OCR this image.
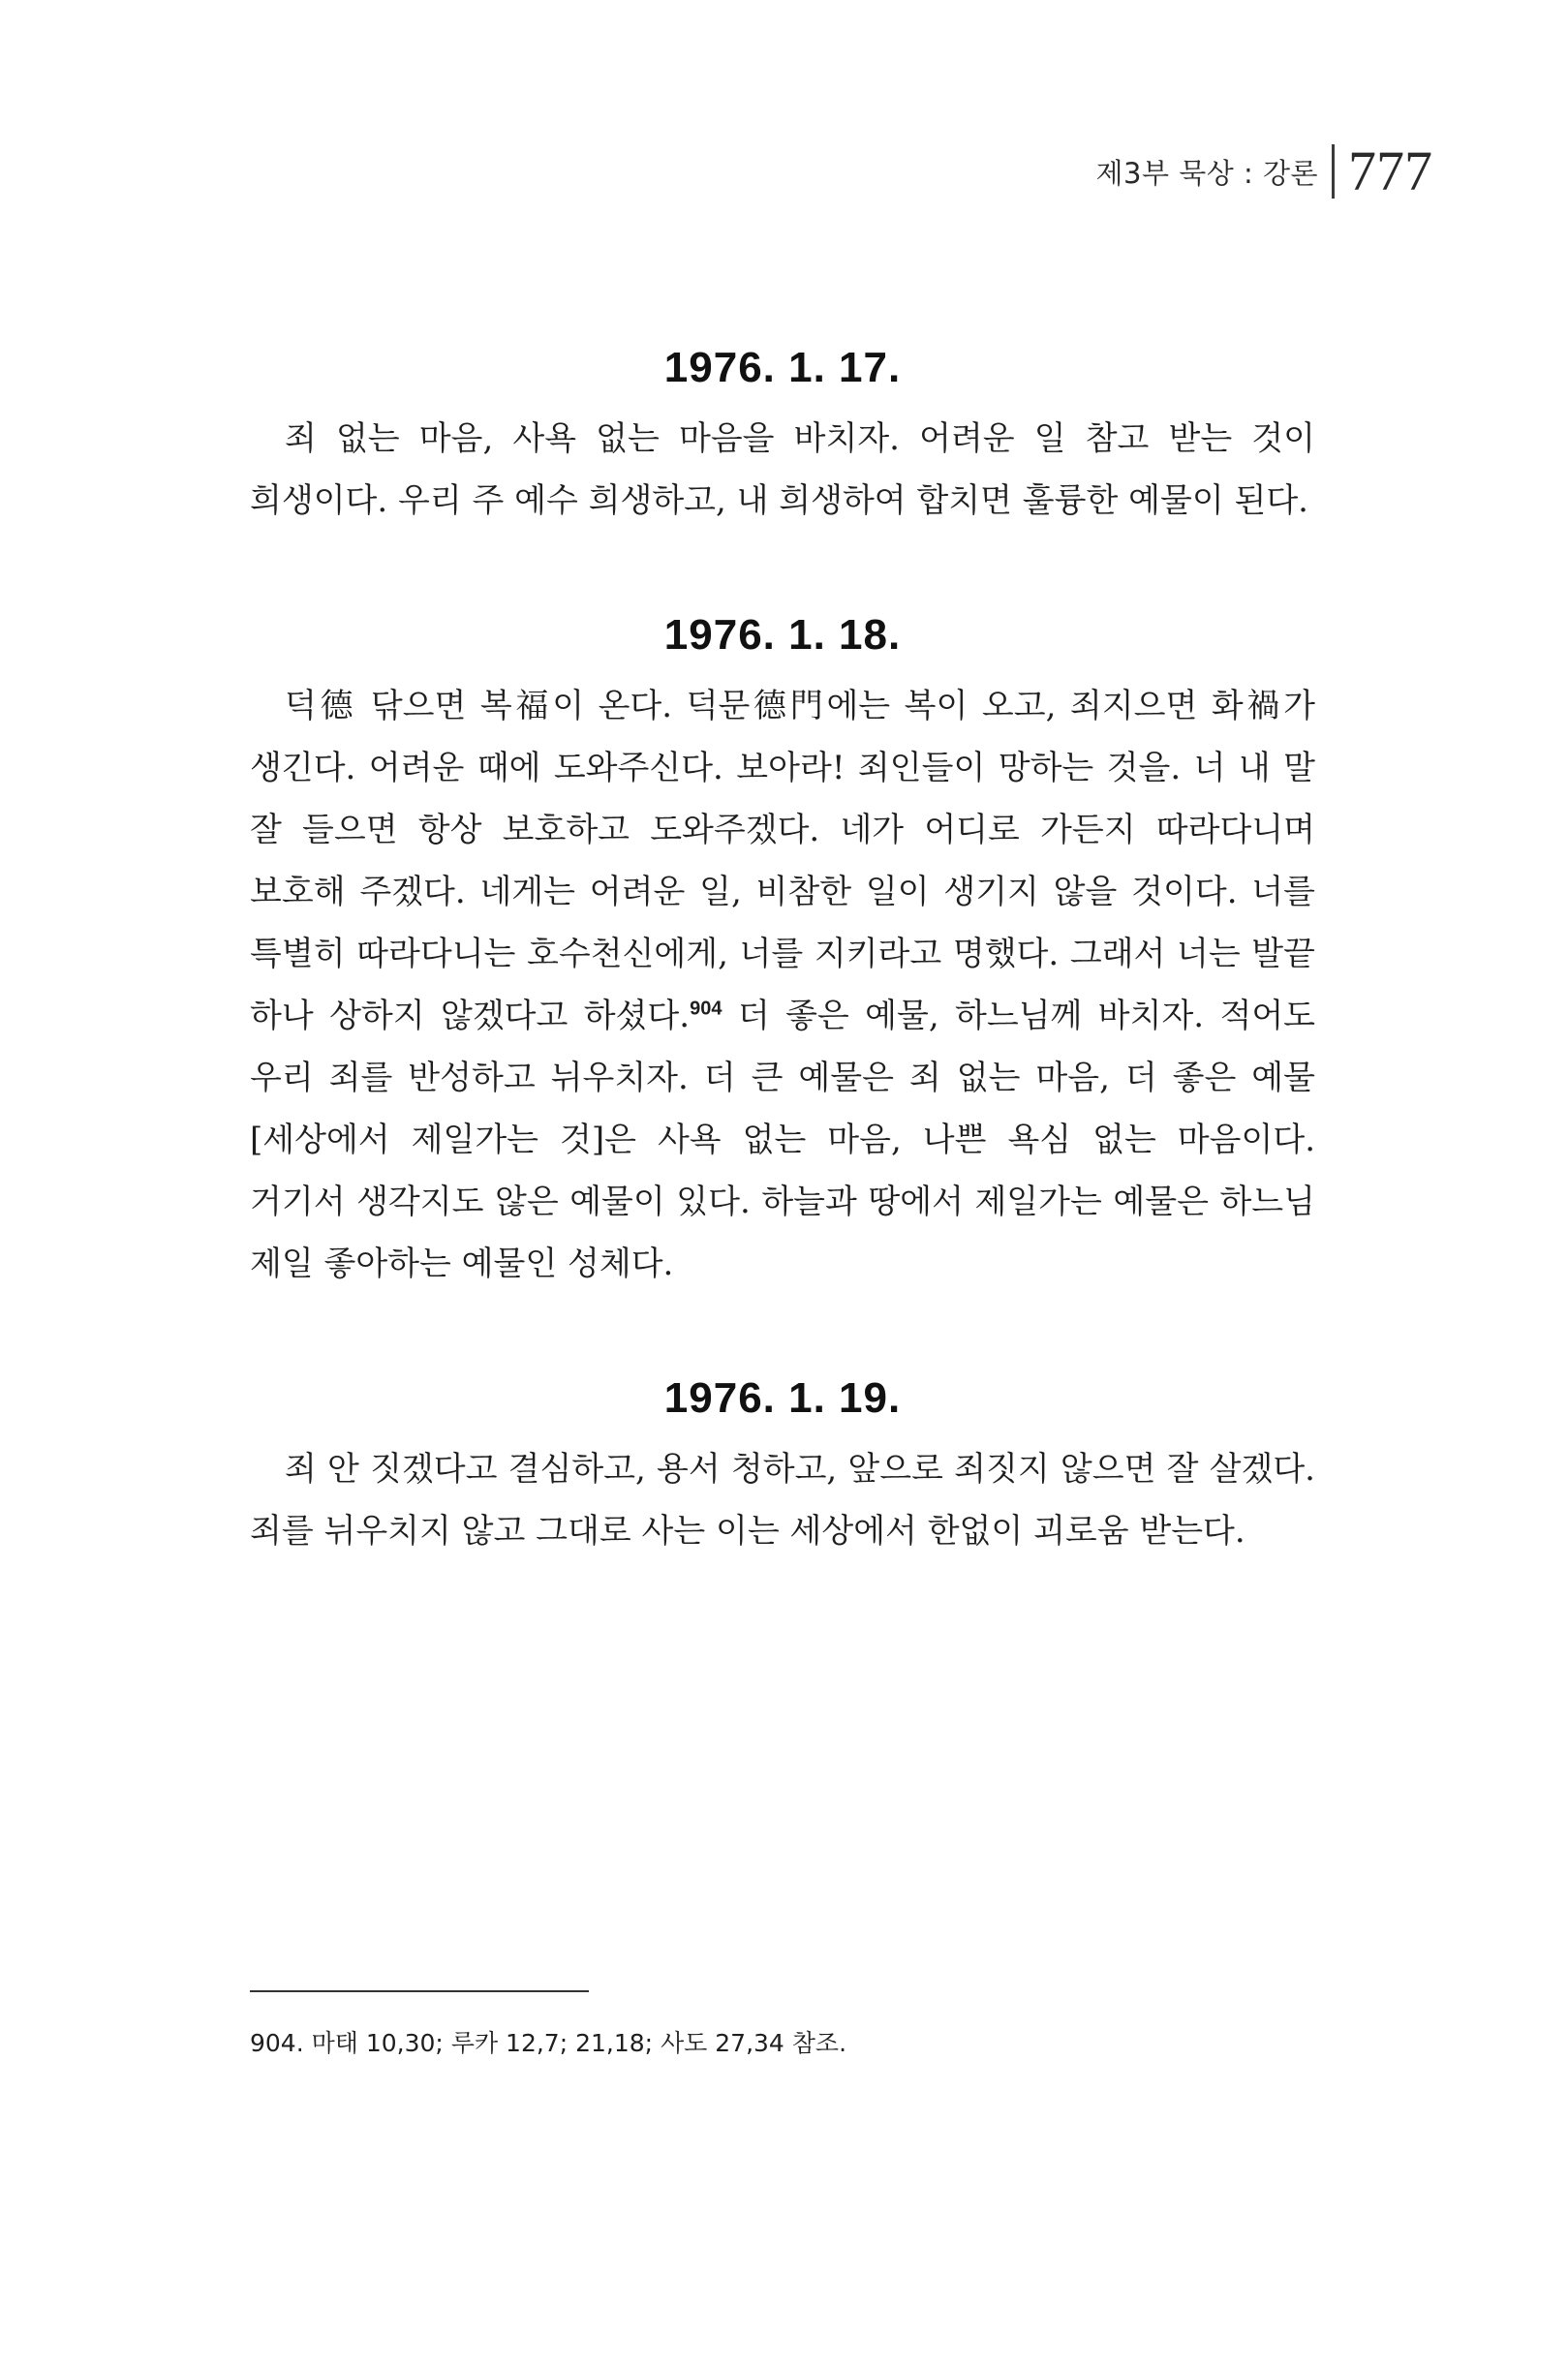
제3부 묵상 : 강론 777
1976. 1. 17.

죄 없는 마음, 사욕 없는 마음을 바치자. 어려운 일 참고 받는 것이 희생이다. 우리 주 예수 희생하고, 내 희생하여 합치면 훌륭한 예물이 된다.

1976. 1. 18.

덕德 닦으면 복福이 온다. 덕문德門에는 복이 오고, 죄지으면 화禍가 생긴다. 어려운 때에 도와주신다. 보아라! 죄인들이 망하는 것을. 너 내 말 잘 들으면 항상 보호하고 도와주겠다. 네가 어디로 가든지 따라다니며 보호해 주겠다. 네게는 어려운 일, 비참한 일이 생기지 않을 것이다. 너를 특별히 따라다니는 호수천신에게, 너를 지키라고 명했다. 그래서 너는 발끝 하나 상하지 않겠다고 하셨다.$^{904}$ 더 좋은 예물, 하느님께 바치자. 적어도 우리 죄를 반성하고 뉘우치자. 더 큰 예물은 죄 없는 마음, 더 좋은 예물[세상에서 제일가는 것]은 사욕 없는 마음, 나쁜 욕심 없는 마음이다. 거기서 생각지도 않은 예물이 있다. 하늘과 땅에서 제일가는 예물은 하느님 제일 좋아하는 예물인 성체다.

1976. 1. 19.

죄 안 짓겠다고 결심하고, 용서 청하고, 앞으로 죄짓지 않으면 잘 살겠다. 죄를 뉘우치지 않고 그대로 사는 이는 세상에서 한없이 괴로움 받는다.

904. 마태 10,30; 루카 12,7; 21,18; 사도 27,34 참조.
